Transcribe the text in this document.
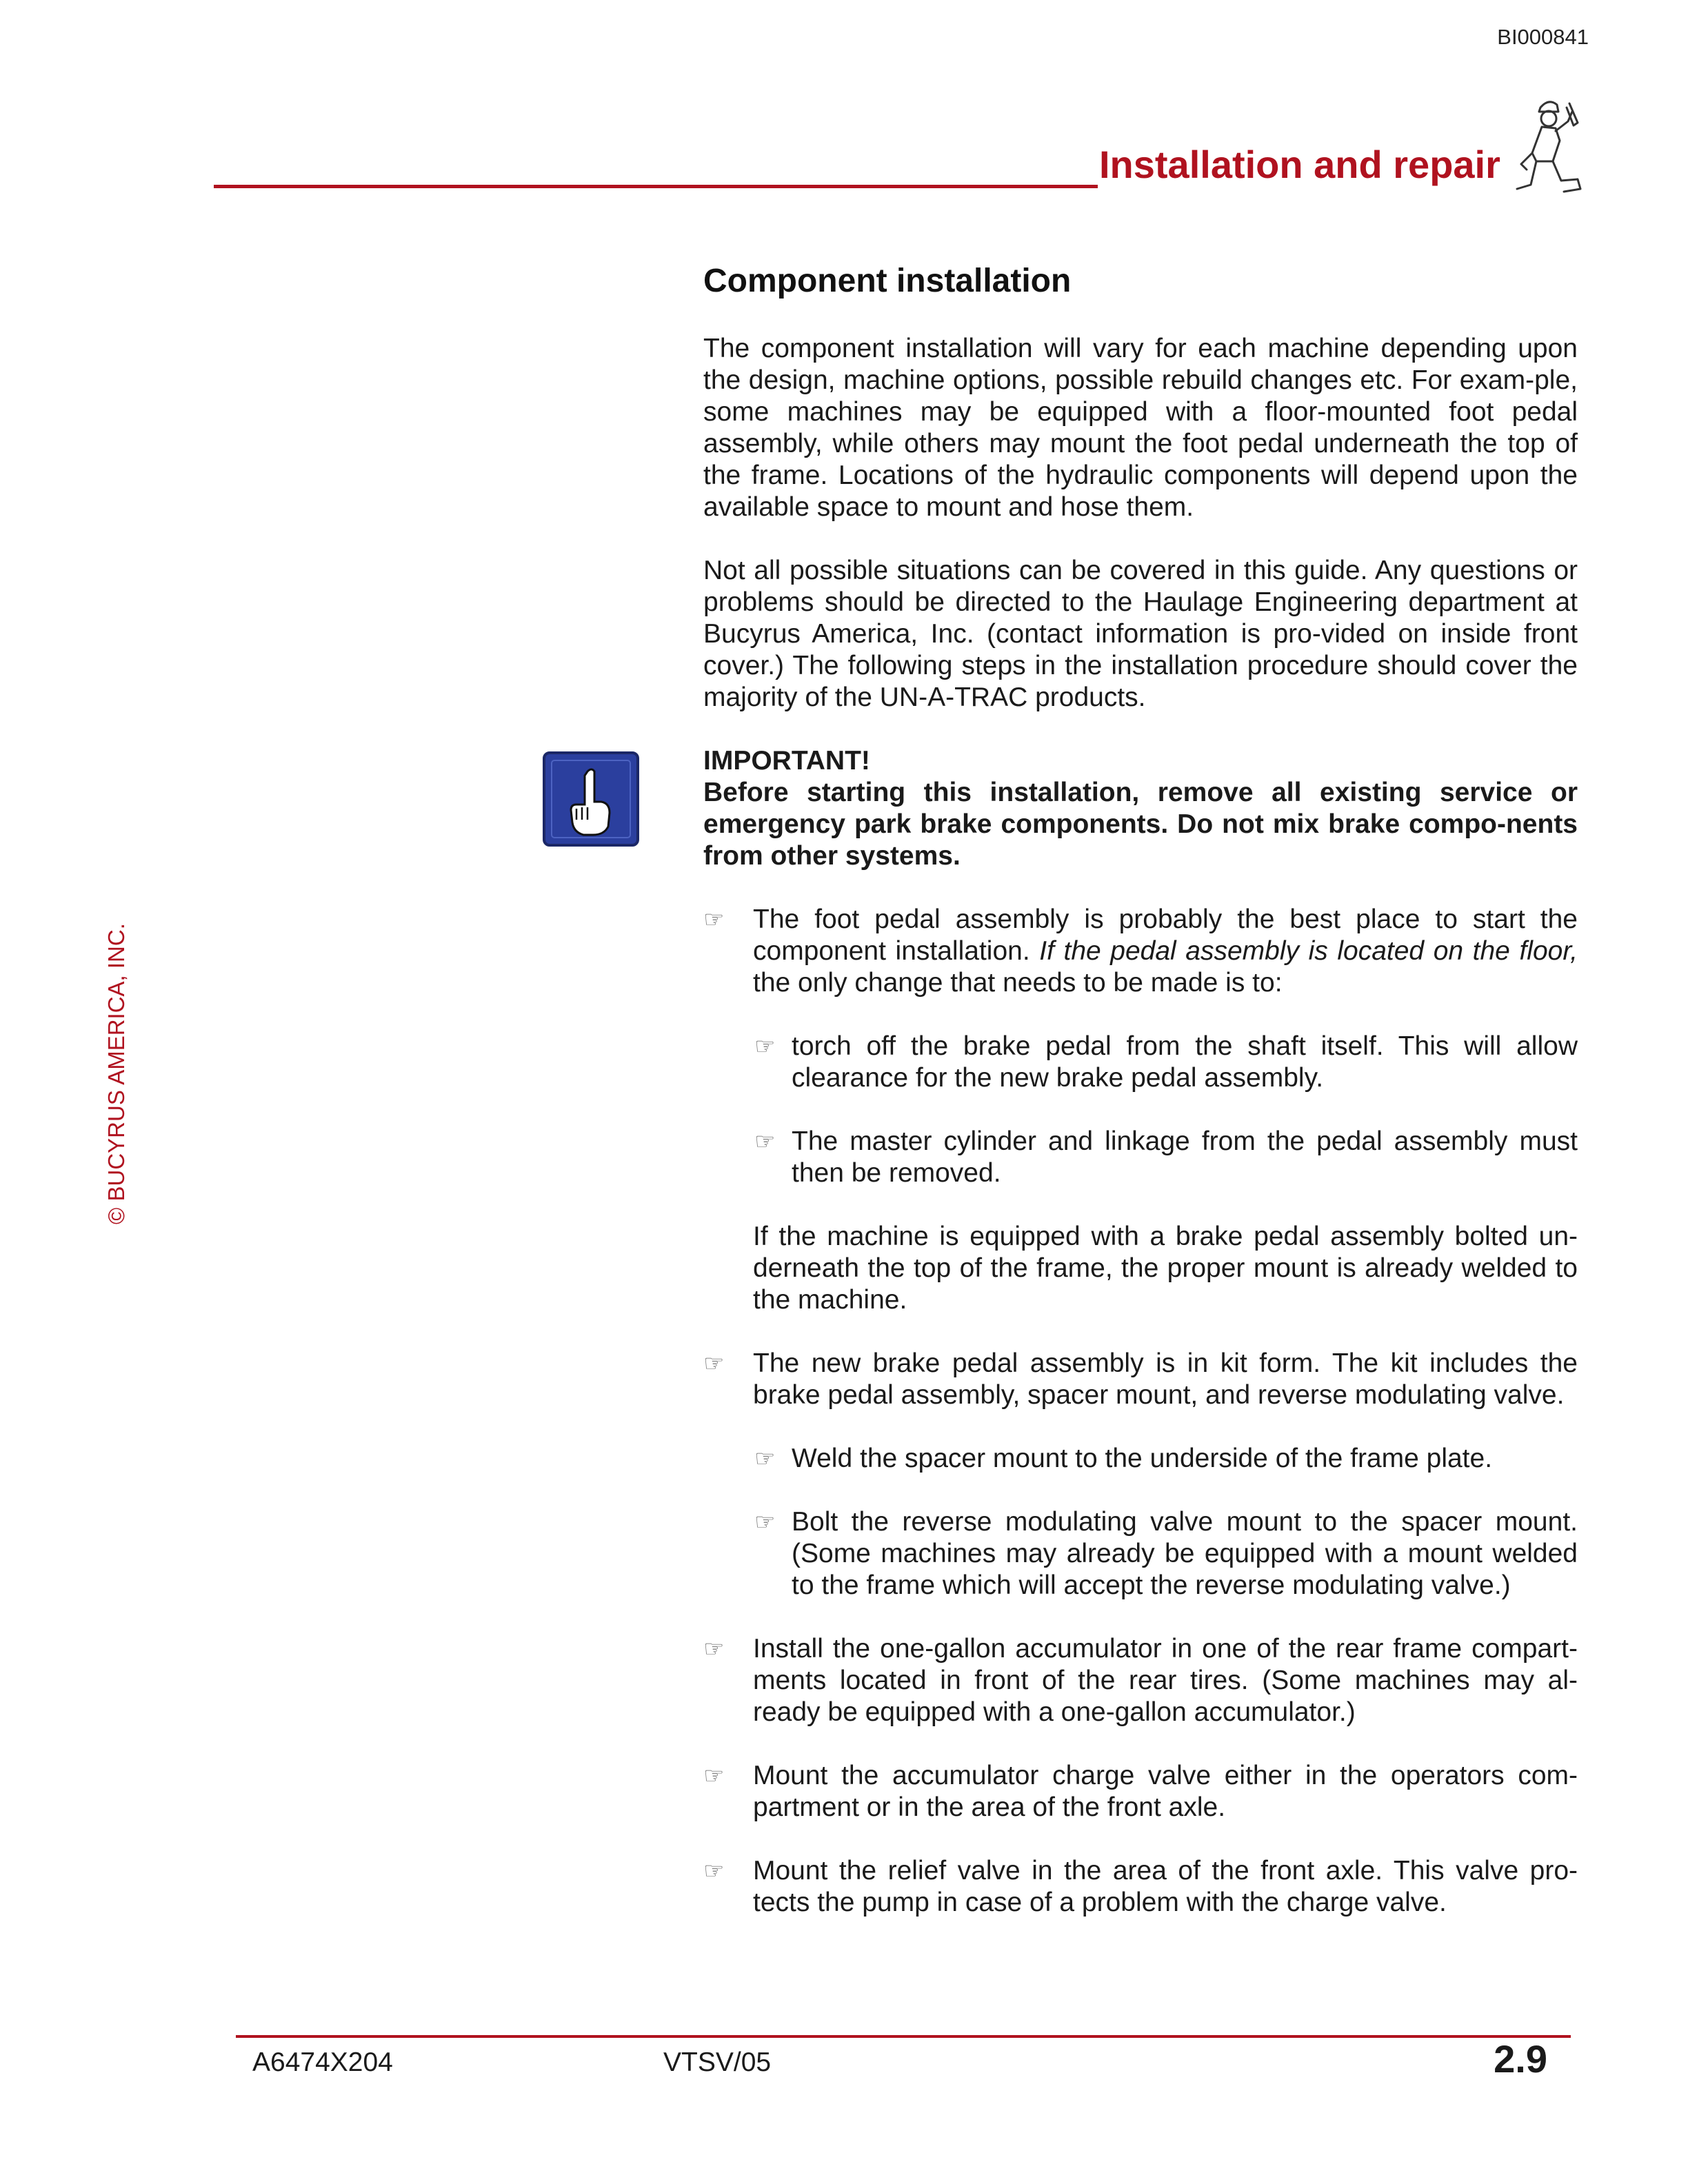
BI000841
Installation and repair
© BUCYRUS AMERICA, INC.
Component installation

The component installation will vary for each machine depending upon the design, machine options, possible rebuild changes etc. For exam-ple, some machines may be equipped with a floor-mounted foot pedal assembly, while others may mount the foot pedal underneath the top of the frame. Locations of the hydraulic components will depend upon the available space to mount and hose them.

Not all possible situations can be covered in this guide. Any questions or problems should be directed to the Haulage Engineering department at Bucyrus America, Inc. (contact information is pro-vided on inside front cover.) The following steps in the installation procedure should cover the majority of the UN-A-TRAC products.

IMPORTANT!

Before starting this installation, remove all existing service or emergency park brake components. Do not mix brake compo-nents from other systems.

☞ The foot pedal assembly is probably the best place to start the component installation. If the pedal assembly is located on the floor, the only change that needs to be made is to:

☞ torch off the brake pedal from the shaft itself. This will allow clearance for the new brake pedal assembly.

☞ The master cylinder and linkage from the pedal assembly must then be removed.

If the machine is equipped with a brake pedal assembly bolted un-derneath the top of the frame, the proper mount is already welded to the machine.

☞ The new brake pedal assembly is in kit form. The kit includes the brake pedal assembly, spacer mount, and reverse modulating valve.

☞ Weld the spacer mount to the underside of the frame plate.

☞ Bolt the reverse modulating valve mount to the spacer mount. (Some machines may already be equipped with a mount welded to the frame which will accept the reverse modulating valve.)

☞ Install the one-gallon accumulator in one of the rear frame compart-ments located in front of the rear tires. (Some machines may al-ready be equipped with a one-gallon accumulator.)

☞ Mount the accumulator charge valve either in the operators com-partment or in the area of the front axle.

☞ Mount the relief valve in the area of the front axle. This valve pro-tects the pump in case of a problem with the charge valve.

A6474X204	VTSV/05	2.9
